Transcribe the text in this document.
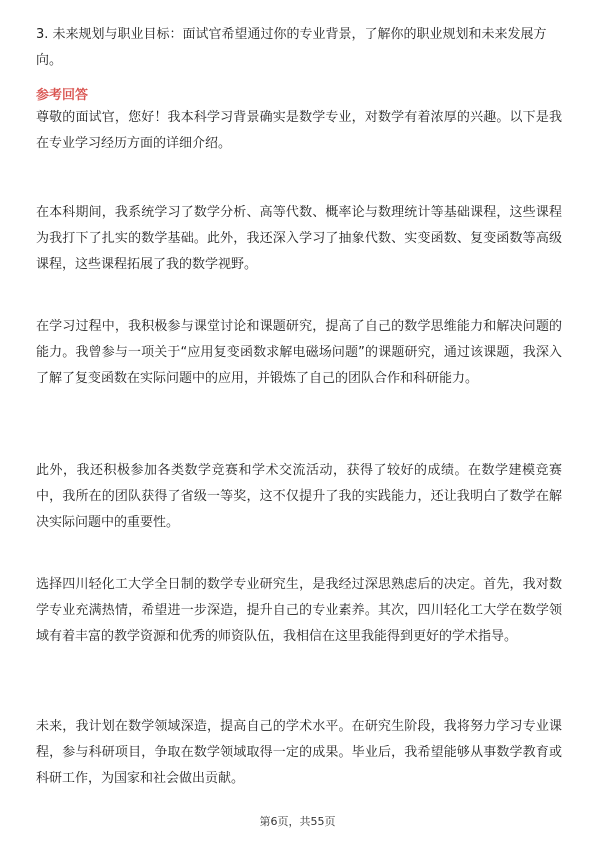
3. 未来规划与职业目标：面试官希望通过你的专业背景，了解你的职业规划和未来发展方向。

参考回答

尊敬的面试官，您好！我本科学习背景确实是数学专业，对数学有着浓厚的兴趣。以下是我在专业学习经历方面的详细介绍。

在本科期间，我系统学习了数学分析、高等代数、概率论与数理统计等基础课程，这些课程为我打下了扎实的数学基础。此外，我还深入学习了抽象代数、实变函数、复变函数等高级课程，这些课程拓展了我的数学视野。

在学习过程中，我积极参与课堂讨论和课题研究，提高了自己的数学思维能力和解决问题的能力。我曾参与一项关于“应用复变函数求解电磁场问题”的课题研究，通过该课题，我深入了解了复变函数在实际问题中的应用，并锻炼了自己的团队合作和科研能力。

此外，我还积极参加各类数学竞赛和学术交流活动，获得了较好的成绩。在数学建模竞赛中，我所在的团队获得了省级一等奖，这不仅提升了我的实践能力，还让我明白了数学在解决实际问题中的重要性。

选择四川轻化工大学全日制的数学专业研究生，是我经过深思熟虑后的决定。首先，我对数学专业充满热情，希望进一步深造，提升自己的专业素养。其次，四川轻化工大学在数学领域有着丰富的教学资源和优秀的师资队伍，我相信在这里我能得到更好的学术指导。

未来，我计划在数学领域深造，提高自己的学术水平。在研究生阶段，我将努力学习专业课程，参与科研项目，争取在数学领域取得一定的成果。毕业后，我希望能够从事数学教育或科研工作，为国家和社会做出贡献。

第6页，共55页
